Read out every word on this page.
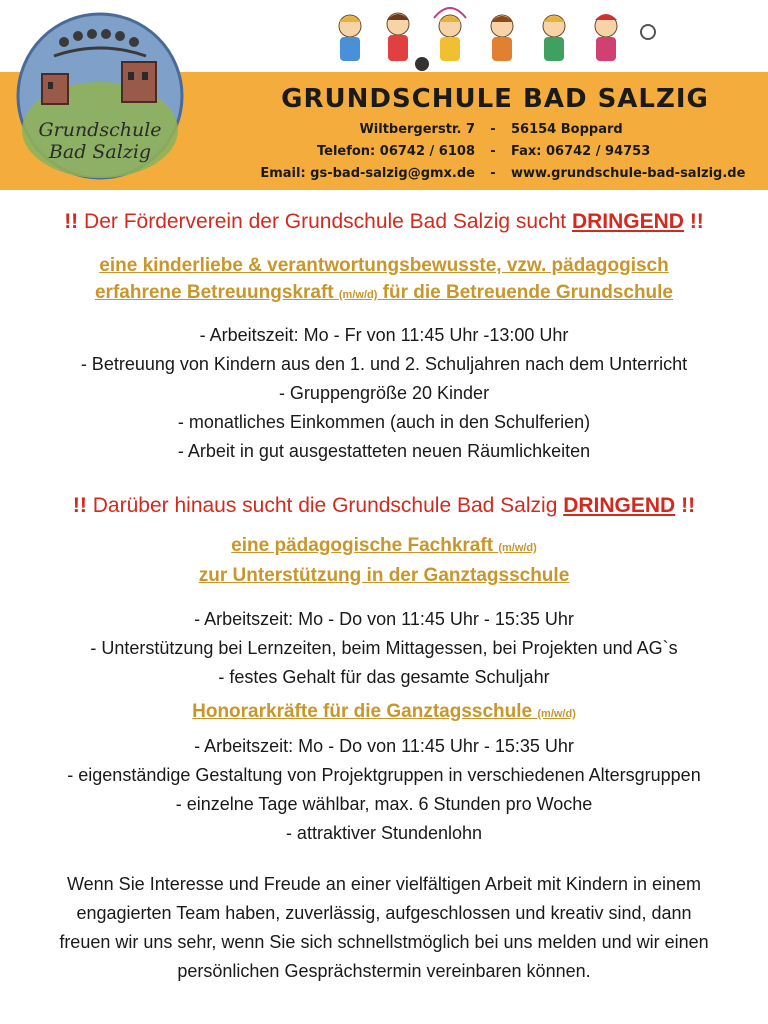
Grundschule
Bad Salzig
GRUNDSCHULE BAD SALZIG
Wiltbergerstr. 7	-	56154 Boppard
Telefon: 06742 / 6108	-	Fax: 06742 / 94753
Email: gs-bad-salzig@gmx.de	-	www.grundschule-bad-salzig.de
!! Der Förderverein der Grundschule Bad Salzig sucht DRINGEND !!
eine kinderliebe & verantwortungsbewusste, vzw. pädagogisch
erfahrene Betreuungskraft (m/w/d) für die Betreuende Grundschule
- Arbeitszeit: Mo - Fr von 11:45 Uhr -13:00 Uhr
- Betreuung von Kindern aus den 1. und 2. Schuljahren nach dem Unterricht
- Gruppengröße 20 Kinder
- monatliches Einkommen (auch in den Schulferien)
- Arbeit in gut ausgestatteten neuen Räumlichkeiten
!! Darüber hinaus sucht die Grundschule Bad Salzig DRINGEND !!
eine pädagogische Fachkraft (m/w/d)
zur Unterstützung in der Ganztagsschule
- Arbeitszeit: Mo - Do von 11:45 Uhr - 15:35 Uhr
- Unterstützung bei Lernzeiten, beim Mittagessen, bei Projekten und AG`s
- festes Gehalt für das gesamte Schuljahr
Honorarkräfte für die Ganztagsschule (m/w/d)
- Arbeitszeit: Mo - Do von 11:45 Uhr - 15:35 Uhr
- eigenständige Gestaltung von Projektgruppen in verschiedenen Altersgruppen
- einzelne Tage wählbar, max. 6 Stunden pro Woche
- attraktiver Stundenlohn
Wenn Sie Interesse und Freude an einer vielfältigen Arbeit mit Kindern in einem
engagierten Team haben, zuverlässig, aufgeschlossen und kreativ sind, dann
freuen wir uns sehr, wenn Sie sich schnellstmöglich bei uns melden und wir einen
persönlichen Gesprächstermin vereinbaren können.
